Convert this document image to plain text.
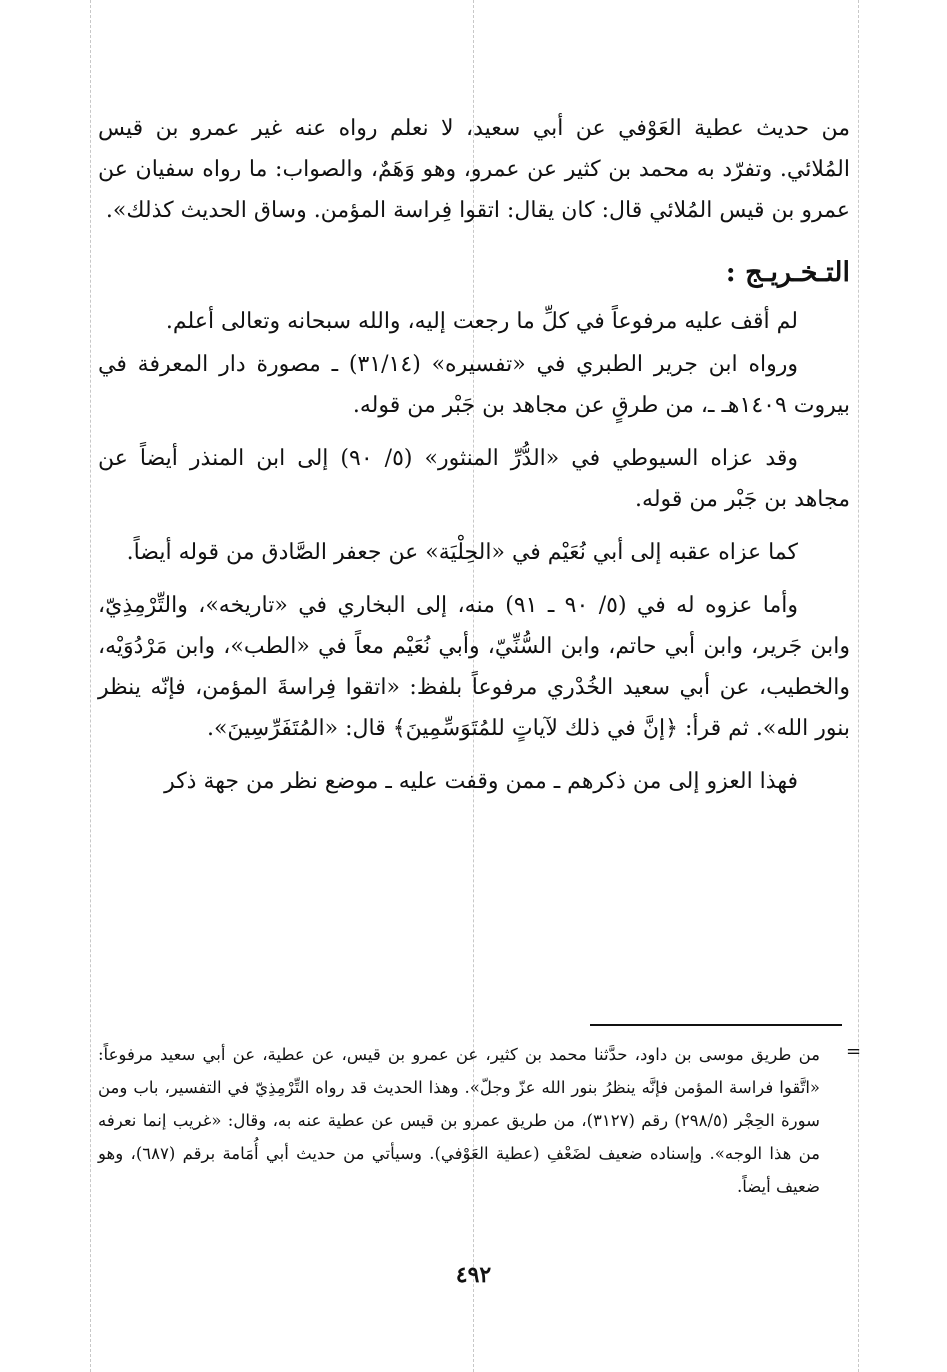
من حديث عطية العَوْفي عن أبي سعيد، لا نعلم رواه عنه غير عمرو بن قيس المُلائي. وتفرّد به محمد بن كثير عن عمرو، وهو وَهَمٌ، والصواب: ما رواه سفيان عن عمرو بن قيس المُلائي قال: كان يقال: اتقوا فِراسة المؤمن. وساق الحديث كذلك».

التـخـريـج :

لم أقف عليه مرفوعاً في كلِّ ما رجعت إليه، والله سبحانه وتعالى أعلم.

ورواه ابن جرير الطبري في «تفسيره» (٣١/١٤) ـ مصورة دار المعرفة في بيروت ١٤٠٩هـ ـ، من طرقٍ عن مجاهد بن جَبْر من قوله.

وقد عزاه السيوطي في «الدُّرِّ المنثور» (٥/ ٩٠) إلى ابن المنذر أيضاً عن مجاهد بن جَبْر من قوله.

كما عزاه عقبه إلى أبي نُعَيْم في «الحِلْيَة» عن جعفر الصَّادق من قوله أيضاً.

وأما عزوه له في (٥/ ٩٠ ـ ٩١) منه، إلى البخاري في «تاريخه»، والتِّرْمِذِيّ، وابن جَرير، وابن أبي حاتم، وابن السُّنِّيّ، وأبي نُعَيْم معاً في «الطب»، وابن مَرْدُوَيْه، والخطيب، عن أبي سعيد الخُدْري مرفوعاً بلفظ: «اتقوا فِراسةَ المؤمن، فإنّه ينظر بنور الله». ثم قرأ: ﴿إنَّ في ذلك لآياتٍ للمُتَوَسِّمِينَ﴾ قال: «المُتَفَرِّسِينَ».

فهذا العزو إلى من ذكرهم ـ ممن وقفت عليه ـ موضع نظر من جهة ذكر

=
من طريق موسى بن داود، حدَّثنا محمد بن كثير، عن عمرو بن قيس، عن عطية، عن أبي سعيد مرفوعاً: «اتَّقوا فراسة المؤمن فإنَّه ينظرُ بنور الله عزّ وجلّ». وهذا الحديث قد رواه التِّرْمِذِيّ في التفسير، باب ومن سورة الحِجْر (٢٩٨/٥) رقم (٣١٢٧)، من طريق عمرو بن قيس عن عطية عنه به، وقال: «غريب إنما نعرفه من هذا الوجه». وإسناده ضعيف لضَعْفِ (عطية العَوْفي). وسيأتي من حديث أبي أُمَامة برقم (٦٨٧)، وهو ضعيف أيضاً.
٤٩٢
